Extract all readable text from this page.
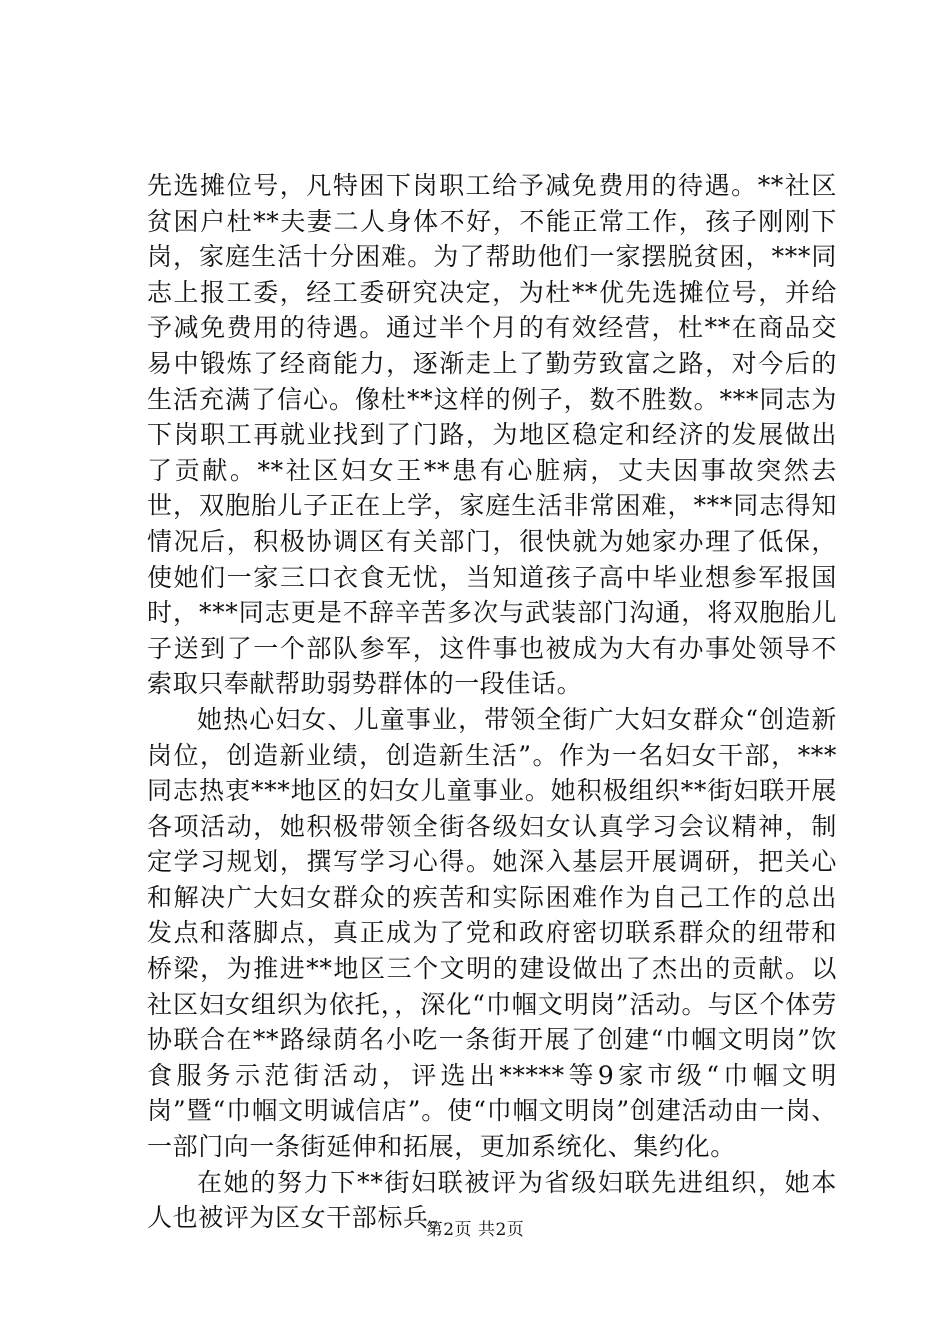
先选摊位号，凡特困下岗职工给予减免费用的待遇。**社区贫困户杜**夫妻二人身体不好，不能正常工作，孩子刚刚下岗，家庭生活十分困难。为了帮助他们一家摆脱贫困，***同志上报工委，经工委研究决定，为杜**优先选摊位号，并给予减免费用的待遇。通过半个月的有效经营，杜**在商品交易中锻炼了经商能力，逐渐走上了勤劳致富之路，对今后的生活充满了信心。像杜**这样的例子，数不胜数。***同志为下岗职工再就业找到了门路，为地区稳定和经济的发展做出了贡献。**社区妇女王**患有心脏病，丈夫因事故突然去世，双胞胎儿子正在上学，家庭生活非常困难，***同志得知情况后，积极协调区有关部门，很快就为她家办理了低保，使她们一家三口衣食无忧，当知道孩子高中毕业想参军报国时，***同志更是不辞辛苦多次与武装部门沟通，将双胞胎儿子送到了一个部队参军，这件事也被成为大有办事处领导不索取只奉献帮助弱势群体的一段佳话。

她热心妇女、儿童事业，带领全街广大妇女群众“创造新岗位，创造新业绩，创造新生活”。作为一名妇女干部，***同志热衷***地区的妇女儿童事业。她积极组织**街妇联开展各项活动，她积极带领全街各级妇女认真学习会议精神，制定学习规划，撰写学习心得。她深入基层开展调研，把关心和解决广大妇女群众的疾苦和实际困难作为自己工作的总出发点和落脚点，真正成为了党和政府密切联系群众的纽带和桥梁，为推进**地区三个文明的建设做出了杰出的贡献。以社区妇女组织为依托，，深化“巾帼文明岗”活动。与区个体劳协联合在**路绿荫名小吃一条街开展了创建“巾帼文明岗”饮食服务示范街活动，评选出*****等9家市级“巾帼文明岗”暨“巾帼文明诚信店”。使“巾帼文明岗”创建活动由一岗、一部门向一条街延伸和拓展，更加系统化、集约化。

在她的努力下**街妇联被评为省级妇联先进组织，她本人也被评为区女干部标兵。

第2页 共2页
